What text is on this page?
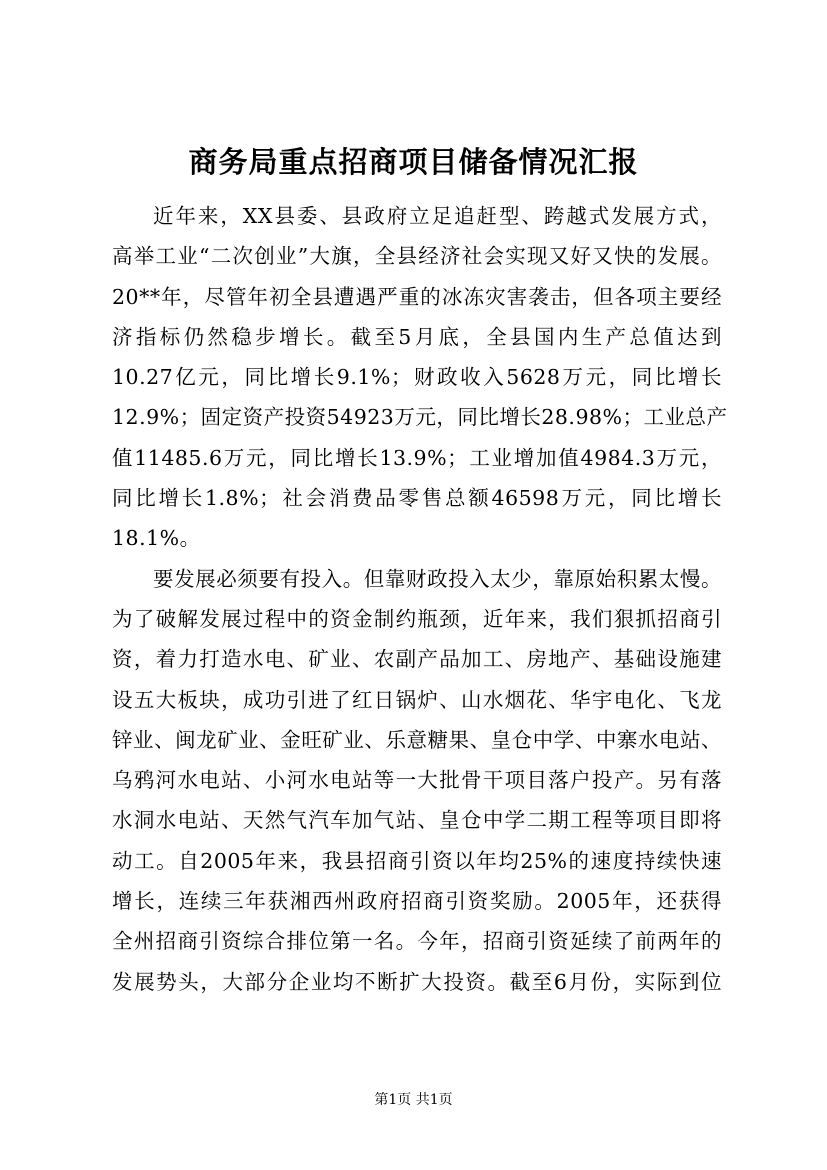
商务局重点招商项目储备情况汇报
近年来，XX县委、县政府立足追赶型、跨越式发展方式，
高举工业“二次创业”大旗，全县经济社会实现又好又快的发展。
20**年，尽管年初全县遭遇严重的冰冻灾害袭击，但各项主要经
济指标仍然稳步增长。截至5月底，全县国内生产总值达到
10.27亿元，同比增长9.1%；财政收入5628万元，同比增长
12.9%；固定资产投资54923万元，同比增长28.98%；工业总产
值11485.6万元，同比增长13.9%；工业增加值4984.3万元，
同比增长1.8%；社会消费品零售总额46598万元，同比增长
18.1%。
要发展必须要有投入。但靠财政投入太少，靠原始积累太慢。
为了破解发展过程中的资金制约瓶颈，近年来，我们狠抓招商引
资，着力打造水电、矿业、农副产品加工、房地产、基础设施建
设五大板块，成功引进了红日锅炉、山水烟花、华宇电化、飞龙
锌业、闽龙矿业、金旺矿业、乐意糖果、皇仓中学、中寨水电站、
乌鸦河水电站、小河水电站等一大批骨干项目落户投产。另有落
水洞水电站、天然气汽车加气站、皇仓中学二期工程等项目即将
动工。自2005年来，我县招商引资以年均25%的速度持续快速
增长，连续三年获湘西州政府招商引资奖励。2005年，还获得
全州招商引资综合排位第一名。今年，招商引资延续了前两年的
发展势头，大部分企业均不断扩大投资。截至6月份，实际到位
第1页 共1页
